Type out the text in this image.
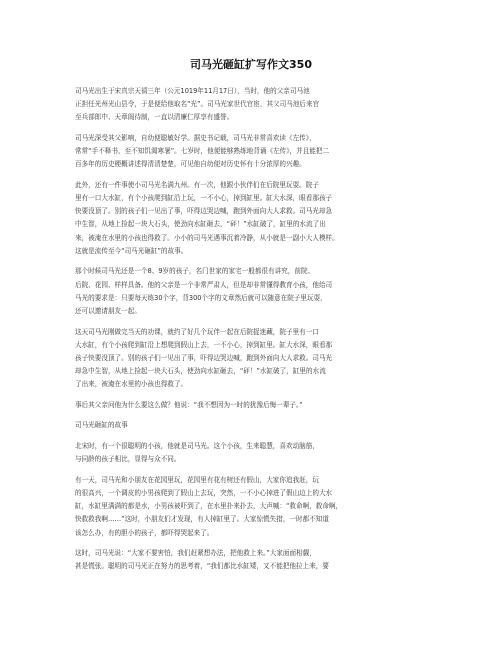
司马光砸缸扩写作文350
司马光出生于宋真宗天禧三年（公元1019年11月17日），当时，他的父亲司马池
正担任光州光山县令，于是便给他取名“光”。司马光家世代官宦，其父司马池后来官
至兵部郎中、天章阁待制，一直以清廉仁厚享有盛誉。
司马光深受其父影响，自幼便聪敏好学。据史书记载，司马光非常喜欢读《左传》，
常常“手不释书，至不知饥渴寒暑”。七岁时，他便能够熟练地背诵《左传》，并且能把二
百多年的历史梗概讲述得清清楚楚，可见他自幼便对历史怀有十分浓厚的兴趣。
此外，还有一件事使小司马光名满九州。有一次，他跟小伙伴们在后院里玩耍。院子
里有一口大水缸，有个小孩爬到缸沿上玩，一不小心，掉到缸里。缸大水深，眼看那孩子
快要没顶了。别的孩子们一见出了事，吓得边哭边喊，跑到外面向大人求救。司马光却急
中生智，从地上捡起一块大石头，使劲向水缸砸去，“砰！”水缸破了，缸里的水流了出
来，被淹在水里的小孩也得救了。小小的司马光遇事沉着冷静，从小就是一副小大人模样。
这就是流传至今“司马光砸缸”的故事。
那个时候司马光还是一个8、9岁的孩子，名门世家的家宅一般都很有讲究，前院、
后院、花园、样样具备。他的父亲是一个非常严肃人，但是却非常懂得教育小孩，他给司
马光的要求是：只要每天练30个字，背300个字的文章然后就可以随意在院子里玩耍，
还可以邀请朋友一起。
这天司马光刚做完当天的功课，就约了好几个玩伴一起在后院捉迷藏，院子里有一口
大水缸，有个小孩爬到缸沿上想爬到假山上去，一不小心，掉到缸里。缸大水深，眼看那
孩子快要没顶了。别的孩子们一见出了事，吓得边哭边喊，跑到外面向大人求救。司马光
却急中生智，从地上捡起一块大石头，使劲向水缸砸去，“砰！”水缸破了，缸里的水流
了出来，被淹在水里的小孩也得救了。
事后其父亲问他为什么要这么做？他说：“我不想因为一时的犹豫后悔一辈子。”
司马光砸缸的故事
北宋时，有一个很聪明的小孩，他就是司马光。这个小孩，生来聪慧，喜欢动脑筋，
与同龄的孩子相比，显得与众不同。
有一天，司马光和小朋友在花园里玩，花园里有花有树还有假山，大家你追我赶，玩
的很高兴，一个调皮的小男孩爬到了假山上去玩，突然，一不小心掉进了假山边上的大水
缸，水缸里满满的都是水，小男孩被吓到了，在水里扑来扑去，大声喊：“救命啊，救命啊，
快救救我啊……”这时，小朋友们才发现，有人掉缸里了。大家惊慌失措，一时都不知道
该怎么办，有的胆小的孩子，都吓得哭起来了。
这时，司马光说：“大家不要害怕，我们赶紧想办法，把他救上来。”大家面面相觑，
甚是慌张。聪明的司马光正在努力的思考着，“我们都比水缸矮，又不能把他拉上来，要
